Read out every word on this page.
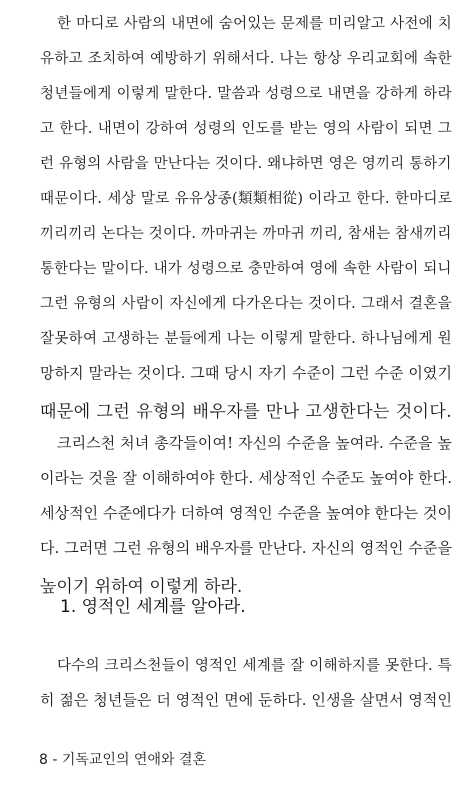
한 마디로 사람의 내면에 숨어있는 문제를 미리알고 사전에 치
유하고 조치하여 예방하기 위해서다. 나는 항상 우리교회에 속한
청년들에게 이렇게 말한다. 말씀과 성령으로 내면을 강하게 하라
고 한다. 내면이 강하여 성령의 인도를 받는 영의 사람이 되면 그
런 유형의 사람을 만난다는 것이다. 왜냐하면 영은 영끼리 통하기
때문이다. 세상 말로 유유상종(類類相從) 이라고 한다. 한마디로
끼리끼리 논다는 것이다. 까마귀는 까마귀 끼리, 참새는 참새끼리
통한다는 말이다. 내가 성령으로 충만하여 영에 속한 사람이 되니
그런 유형의 사람이 자신에게 다가온다는 것이다. 그래서 결혼을
잘못하여 고생하는 분들에게 나는 이렇게 말한다. 하나님에게 원
망하지 말라는 것이다. 그때 당시 자기 수준이 그런 수준 이였기
때문에 그런 유형의 배우자를 만나 고생한다는 것이다.
크리스천 처녀 총각들이여! 자신의 수준을 높여라. 수준을 높
이라는 것을 잘 이해하여야 한다. 세상적인 수준도 높여야 한다.
세상적인 수준에다가 더하여 영적인 수준을 높여야 한다는 것이
다. 그러면 그런 유형의 배우자를 만난다. 자신의 영적인 수준을
높이기 위하여 이렇게 하라.
1. 영적인 세계를 알아라.
다수의 크리스천들이 영적인 세계를 잘 이해하지를 못한다. 특
히 젊은 청년들은 더 영적인 면에 둔하다. 인생을 살면서 영적인
8 - 기독교인의 연애와 결혼
